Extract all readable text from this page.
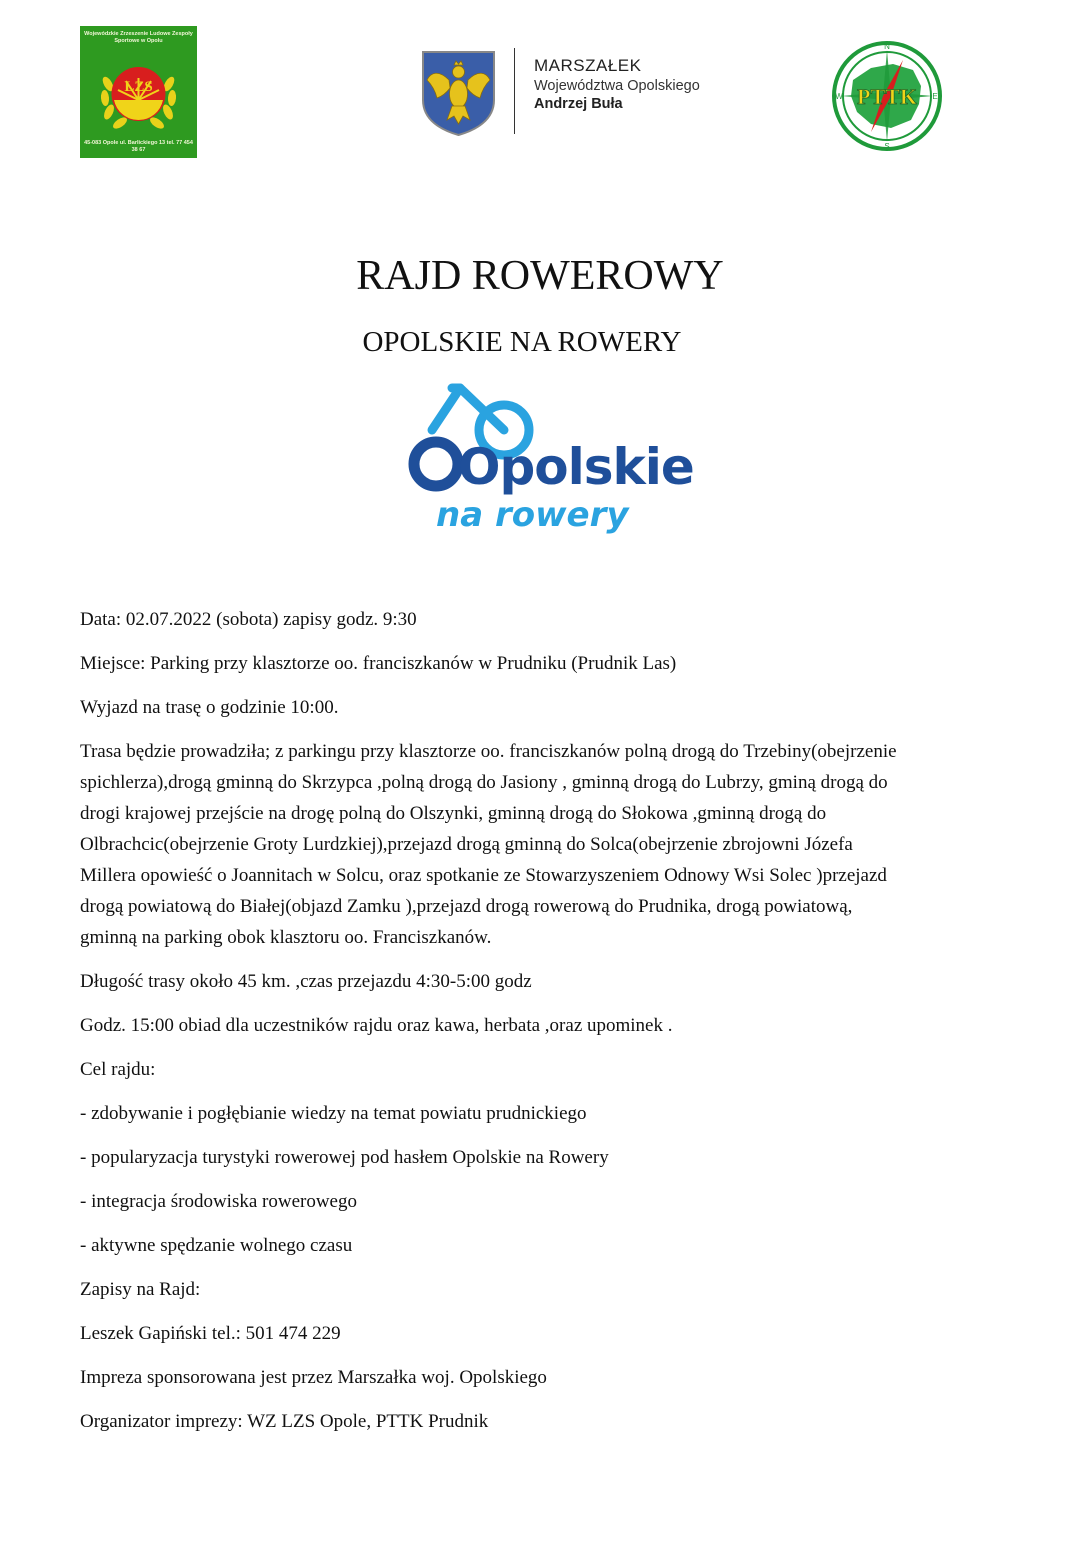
Wojewódzkie Zrzeszenie Ludowe Zespoły Sportowe w Opolu
LZS
45-083 Opole ul. Barlickiego 13 tel. 77 454 38 67
MARSZAŁEK
Województwa Opolskiego
Andrzej Buła
N
E
S
W PTTK
RAJD ROWEROWY
OPOLSKIE NA ROWERY
Opolskie
na rowery

Data: 02.07.2022 (sobota) zapisy godz. 9:30

Miejsce: Parking przy klasztorze oo. franciszkanów w Prudniku (Prudnik Las)

Wyjazd na trasę o godzinie 10:00.

Trasa będzie prowadziła; z parkingu przy klasztorze oo. franciszkanów polną drogą do Trzebiny(obejrzenie
spichlerza),drogą gminną do Skrzypca ,polną drogą do Jasiony , gminną drogą do Lubrzy, gminą drogą do
drogi krajowej przejście na drogę polną do Olszynki, gminną drogą do Słokowa ,gminną drogą do
Olbrachcic(obejrzenie Groty Lurdzkiej),przejazd drogą gminną do Solca(obejrzenie zbrojowni Józefa
Millera opowieść o Joannitach w Solcu, oraz spotkanie ze Stowarzyszeniem Odnowy Wsi Solec )przejazd
drogą powiatową do Białej(objazd Zamku ),przejazd drogą rowerową do Prudnika, drogą powiatową,
gminną na parking obok klasztoru oo. Franciszkanów.

Długość trasy około 45 km. ,czas przejazdu 4:30-5:00 godz

Godz. 15:00 obiad dla uczestników rajdu oraz kawa, herbata ,oraz upominek .

Cel rajdu:

- zdobywanie i pogłębianie wiedzy na temat powiatu prudnickiego

- popularyzacja turystyki rowerowej pod hasłem Opolskie na Rowery

- integracja środowiska rowerowego

- aktywne spędzanie wolnego czasu

Zapisy na Rajd:

Leszek Gapiński tel.: 501 474 229

Impreza sponsorowana jest przez Marszałka woj. Opolskiego

Organizator imprezy: WZ LZS Opole, PTTK Prudnik
